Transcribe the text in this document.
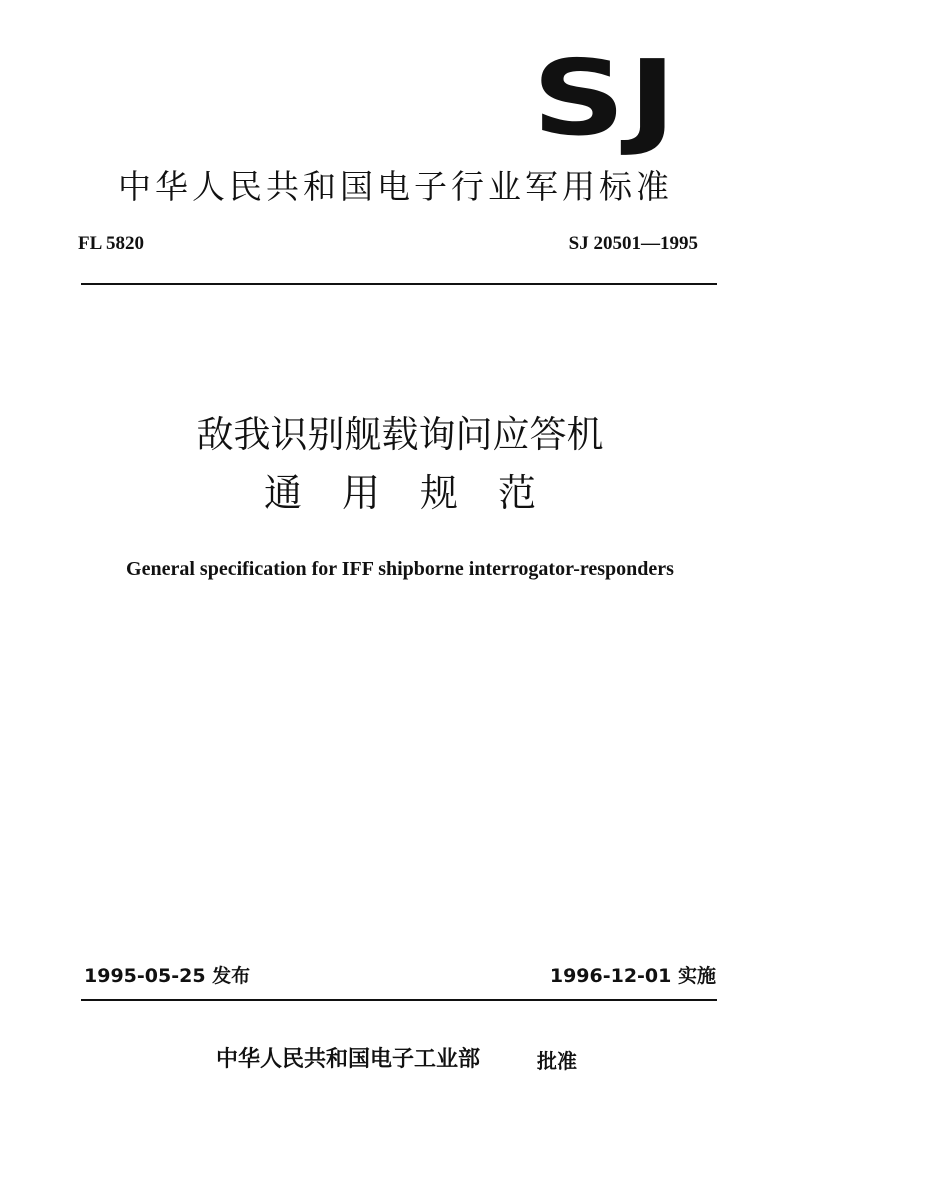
SJ
中华人民共和国电子行业军用标准
FL 5820	SJ 20501—1995
敌我识别舰载询问应答机
通用规范
General specification for IFF shipborne interrogator-responders
1995-05-25 发布	1996-12-01 实施
中华人民共和国电子工业部	批准
